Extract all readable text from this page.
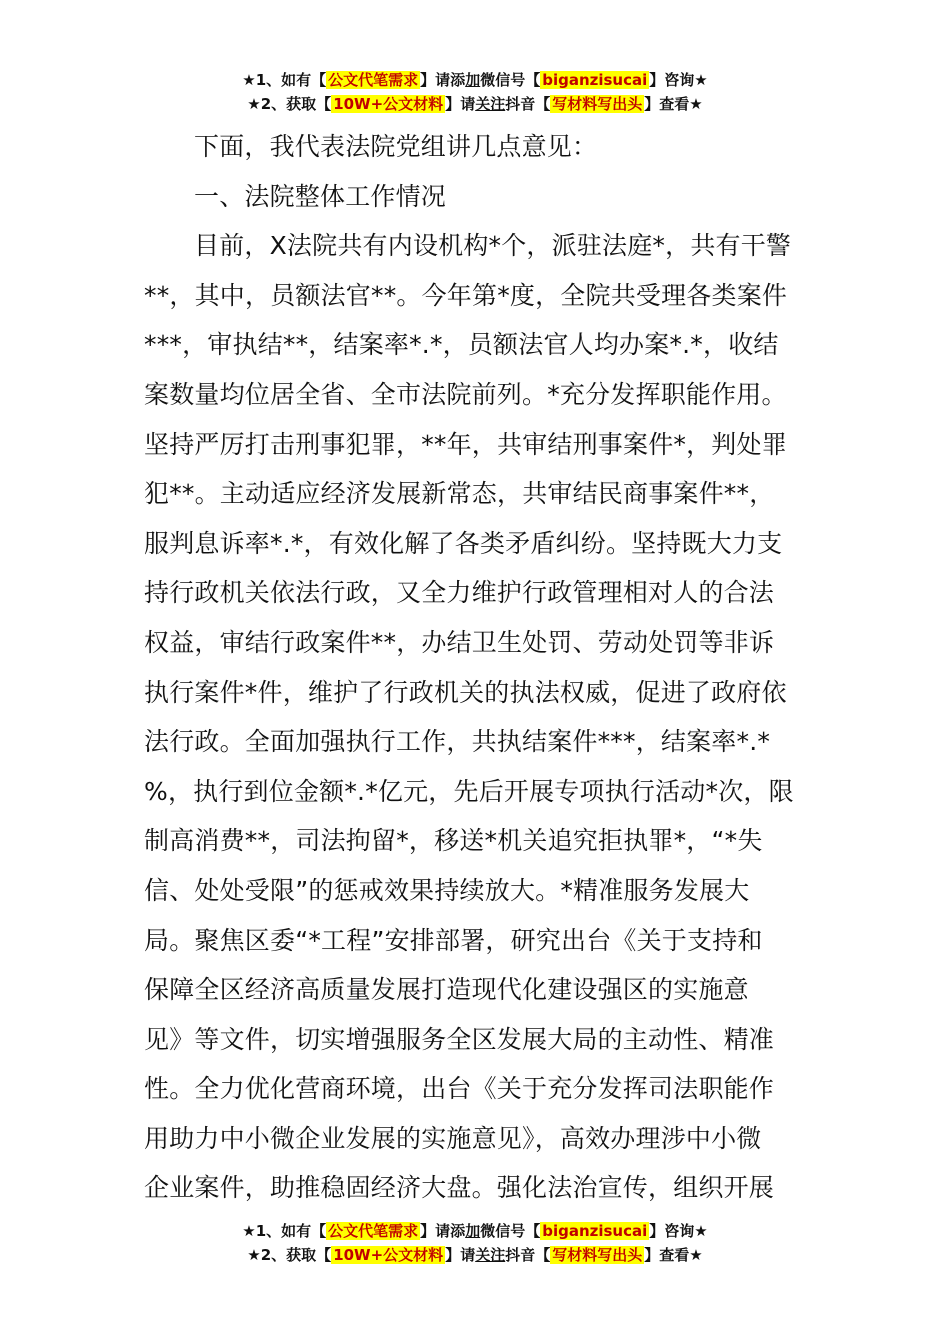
★1、如有【 公文代笔需求 】请添加微信号【 biganzisucai 】咨询★
★2、获取【 10W+公文材料 】请关注抖音【 写材料写出头 】查看★

下面，我代表法院党组讲几点意见：

一、法院整体工作情况

目前，X法院共有内设机构*个，派驻法庭*，共有干警
**，其中，员额法官**。今年第*度，全院共受理各类案件
***，审执结**，结案率*.*，员额法官人均办案*.*，收结
案数量均位居全省、全市法院前列。*充分发挥职能作用。
坚持严厉打击刑事犯罪，**年，共审结刑事案件*，判处罪
犯**。主动适应经济发展新常态，共审结民商事案件**，
服判息诉率*.*，有效化解了各类矛盾纠纷。坚持既大力支
持行政机关依法行政，又全力维护行政管理相对人的合法
权益，审结行政案件**，办结卫生处罚、劳动处罚等非诉
执行案件*件，维护了行政机关的执法权威，促进了政府依
法行政。全面加强执行工作，共执结案件***，结案率*.*
%，执行到位金额*.*亿元，先后开展专项执行活动*次，限
制高消费**，司法拘留*，移送*机关追究拒执罪*，“*失
信、处处受限”的惩戒效果持续放大。*精准服务发展大
局。聚焦区委“*工程”安排部署，研究出台《关于支持和
保障全区经济高质量发展打造现代化建设强区的实施意
见》等文件，切实增强服务全区发展大局的主动性、精准
性。全力优化营商环境，出台《关于充分发挥司法职能作
用助力中小微企业发展的实施意见》，高效办理涉中小微
企业案件，助推稳固经济大盘。强化法治宣传，组织开展
★1、如有【 公文代笔需求 】请添加微信号【 biganzisucai 】咨询★
★2、获取【 10W+公文材料 】请关注抖音【 写材料写出头 】查看★
